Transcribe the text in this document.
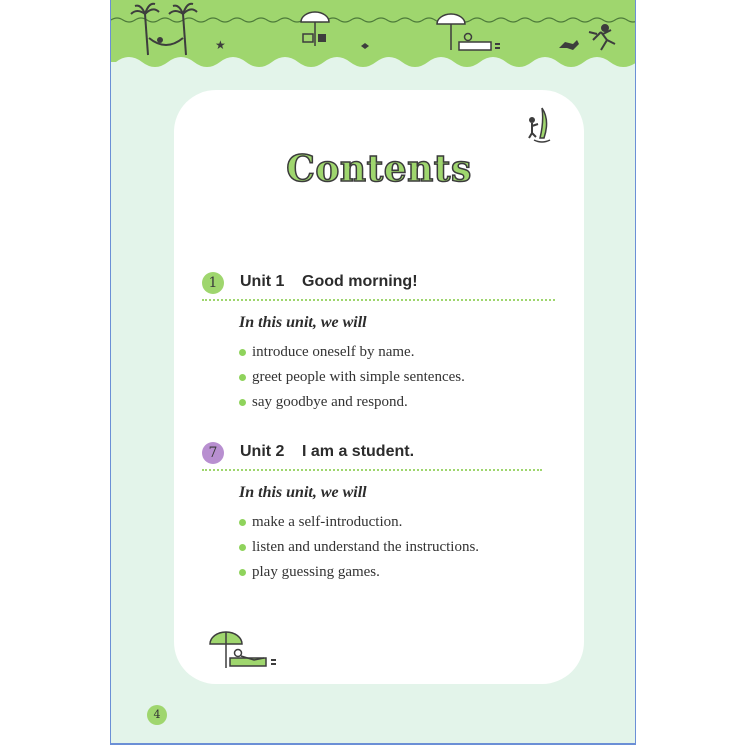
★
Contents
1	Unit 1 Good morning!
In this unit, we will
introduce oneself by name.
greet people with simple sentences.
say goodbye and respond.
7	Unit 2 I am a student.
In this unit, we will
make a self-introduction.
listen and understand the instructions.
play guessing games.
4
